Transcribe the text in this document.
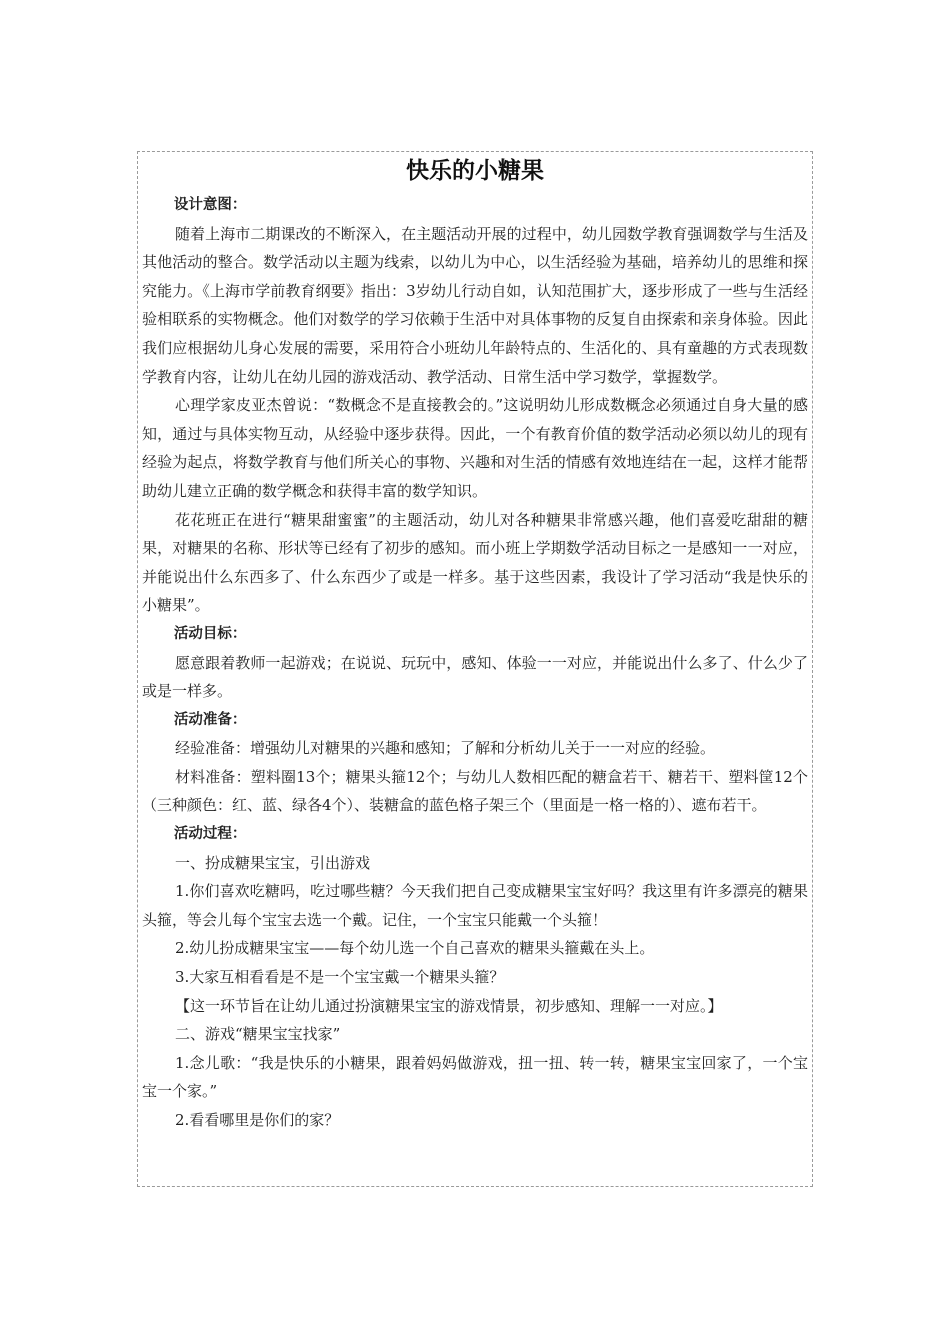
快乐的小糖果

设计意图：

随着上海市二期课改的不断深入，在主题活动开展的过程中，幼儿园数学教育强调数学与生活及其他活动的整合。数学活动以主题为线索，以幼儿为中心，以生活经验为基础，培养幼儿的思维和探究能力。《上海市学前教育纲要》指出：3岁幼儿行动自如，认知范围扩大，逐步形成了一些与生活经验相联系的实物概念。他们对数学的学习依赖于生活中对具体事物的反复自由探索和亲身体验。因此我们应根据幼儿身心发展的需要，采用符合小班幼儿年龄特点的、生活化的、具有童趣的方式表现数学教育内容，让幼儿在幼儿园的游戏活动、教学活动、日常生活中学习数学，掌握数学。

心理学家皮亚杰曾说：“数概念不是直接教会的。”这说明幼儿形成数概念必须通过自身大量的感知，通过与具体实物互动，从经验中逐步获得。因此，一个有教育价值的数学活动必须以幼儿的现有经验为起点，将数学教育与他们所关心的事物、兴趣和对生活的情感有效地连结在一起，这样才能帮助幼儿建立正确的数学概念和获得丰富的数学知识。

花花班正在进行“糖果甜蜜蜜”的主题活动，幼儿对各种糖果非常感兴趣，他们喜爱吃甜甜的糖果，对糖果的名称、形状等已经有了初步的感知。而小班上学期数学活动目标之一是感知一一对应，并能说出什么东西多了、什么东西少了或是一样多。基于这些因素，我设计了学习活动“我是快乐的小糖果”。

活动目标：

愿意跟着教师一起游戏；在说说、玩玩中，感知、体验一一对应，并能说出什么多了、什么少了或是一样多。

活动准备：

经验准备：增强幼儿对糖果的兴趣和感知；了解和分析幼儿关于一一对应的经验。

材料准备：塑料圈13个；糖果头箍12个；与幼儿人数相匹配的糖盒若干、糖若干、塑料筐12个（三种颜色：红、蓝、绿各4个）、装糖盒的蓝色格子架三个（里面是一格一格的）、遮布若干。

活动过程：

一、扮成糖果宝宝，引出游戏

1.你们喜欢吃糖吗，吃过哪些糖？今天我们把自己变成糖果宝宝好吗？我这里有许多漂亮的糖果头箍，等会儿每个宝宝去选一个戴。记住，一个宝宝只能戴一个头箍！

2.幼儿扮成糖果宝宝——每个幼儿选一个自己喜欢的糖果头箍戴在头上。

3.大家互相看看是不是一个宝宝戴一个糖果头箍？

【这一环节旨在让幼儿通过扮演糖果宝宝的游戏情景，初步感知、理解一一对应。】

二、游戏“糖果宝宝找家”

1.念儿歌：“我是快乐的小糖果，跟着妈妈做游戏，扭一扭、转一转，糖果宝宝回家了，一个宝宝一个家。”

2.看看哪里是你们的家？
